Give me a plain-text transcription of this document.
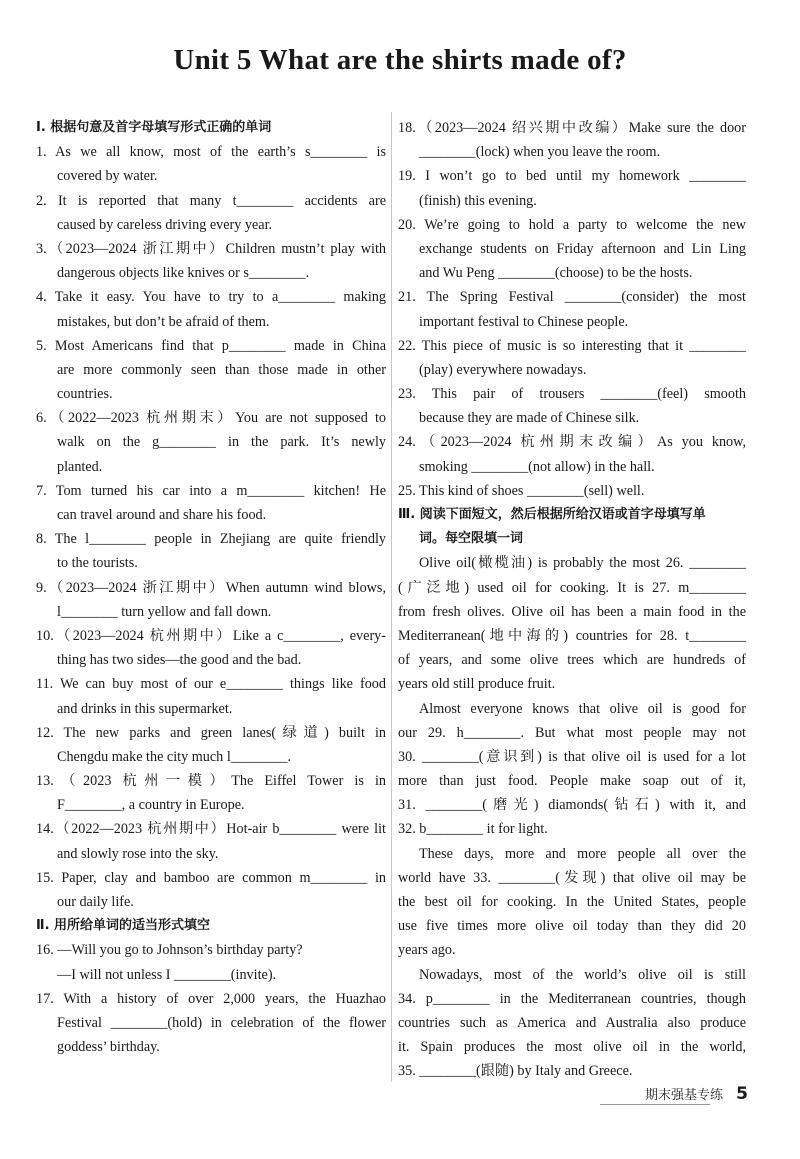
Unit 5 What are the shirts made of?
Ⅰ. 根据句意及首字母填写形式正确的单词
1. As we all know, most of the earth’s s________ is
covered by water.
2. It is reported that many t________ accidents are
caused by careless driving every year.
3.（2023—2024 浙江期中）Children mustn’t play with
dangerous objects like knives or s________.
4. Take it easy. You have to try to a________ making
mistakes, but don’t be afraid of them.
5. Most Americans find that p________ made in China
are more commonly seen than those made in other
countries.
6.（2022—2023 杭州期末）You are not supposed to
walk on the g________ in the park. It’s newly
planted.
7. Tom turned his car into a m________ kitchen! He
can travel around and share his food.
8. The l________ people in Zhejiang are quite friendly
to the tourists.
9.（2023—2024 浙江期中）When autumn wind blows,
l________ turn yellow and fall down.
10.（2023—2024 杭州期中）Like a c________, every-
thing has two sides—the good and the bad.
11. We can buy most of our e________ things like food
and drinks in this supermarket.
12. The new parks and green lanes(绿道) built in
Chengdu make the city much l________.
13.（2023 杭州一模）The Eiffel Tower is in
F________, a country in Europe.
14.（2022—2023 杭州期中）Hot-air b________ were lit
and slowly rose into the sky.
15. Paper, clay and bamboo are common m________ in
our daily life.
Ⅱ. 用所给单词的适当形式填空
16. —Will you go to Johnson’s birthday party?
—I will not unless I ________(invite).
17. With a history of over 2,000 years, the Huazhao
Festival ________(hold) in celebration of the flower
goddess’ birthday.
18.（2023—2024 绍兴期中改编）Make sure the door
________(lock) when you leave the room.
19. I won’t go to bed until my homework ________
(finish) this evening.
20. We’re going to hold a party to welcome the new
exchange students on Friday afternoon and Lin Ling
and Wu Peng ________(choose) to be the hosts.
21. The Spring Festival ________(consider) the most
important festival to Chinese people.
22. This piece of music is so interesting that it ________
(play) everywhere nowadays.
23. This pair of trousers ________(feel) smooth
because they are made of Chinese silk.
24.（2023—2024 杭州期末改编）As you know,
smoking ________(not allow) in the hall.
25. This kind of shoes ________(sell) well.
Ⅲ. 阅读下面短文，然后根据所给汉语或首字母填写单
词。每空限填一词
Olive oil(橄榄油) is probably the most 26. ________
(广泛地) used oil for cooking. It is 27. m________
from fresh olives. Olive oil has been a main food in the
Mediterranean(地中海的) countries for 28. t________
of years, and some olive trees which are hundreds of
years old still produce fruit.
Almost everyone knows that olive oil is good for
our 29. h________. But what most people may not
30. ________(意识到) is that olive oil is used for a lot
more than just food. People make soap out of it,
31. ________(磨光) diamonds(钻石) with it, and
32. b________ it for light.
These days, more and more people all over the
world have 33. ________(发现) that olive oil may be
the best oil for cooking. In the United States, people
use five times more olive oil today than they did 20
years ago.
Nowadays, most of the world’s olive oil is still
34. p________ in the Mediterranean countries, though
countries such as America and Australia also produce
it. Spain produces the most olive oil in the world,
35. ________(跟随) by Italy and Greece.
期末强基专练 5
